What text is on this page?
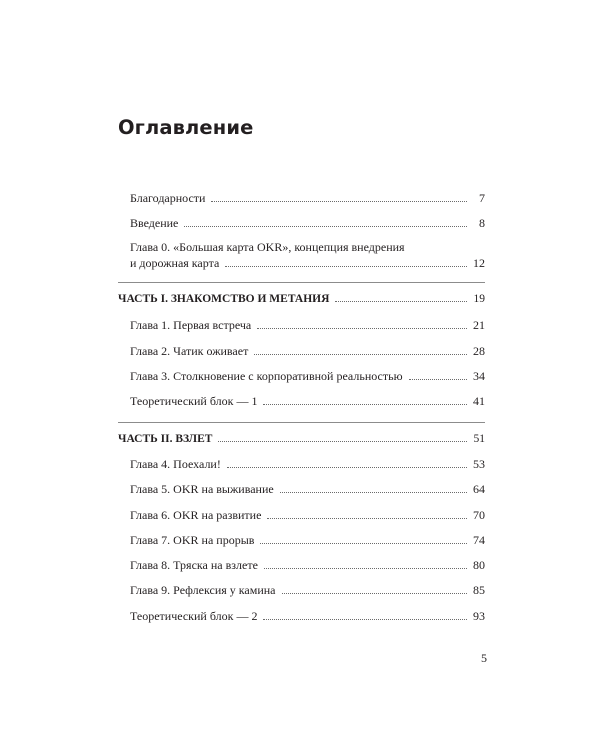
Оглавление
Благодарности	7
Введение	8
Глава 0. «Большая карта OKR», концепция внедрения
и дорожная карта	12
ЧАСТЬ I. ЗНАКОМСТВО И МЕТАНИЯ	19
Глава 1. Первая встреча	21
Глава 2. Чатик оживает	28
Глава 3. Столкновение с корпоративной реальностью	34
Теоретический блок — 1	41
ЧАСТЬ II. ВЗЛЕТ	51
Глава 4. Поехали!	53
Глава 5. OKR на выживание	64
Глава 6. OKR на развитие	70
Глава 7. OKR на прорыв	74
Глава 8. Тряска на взлете	80
Глава 9. Рефлексия у камина	85
Теоретический блок — 2	93
5
